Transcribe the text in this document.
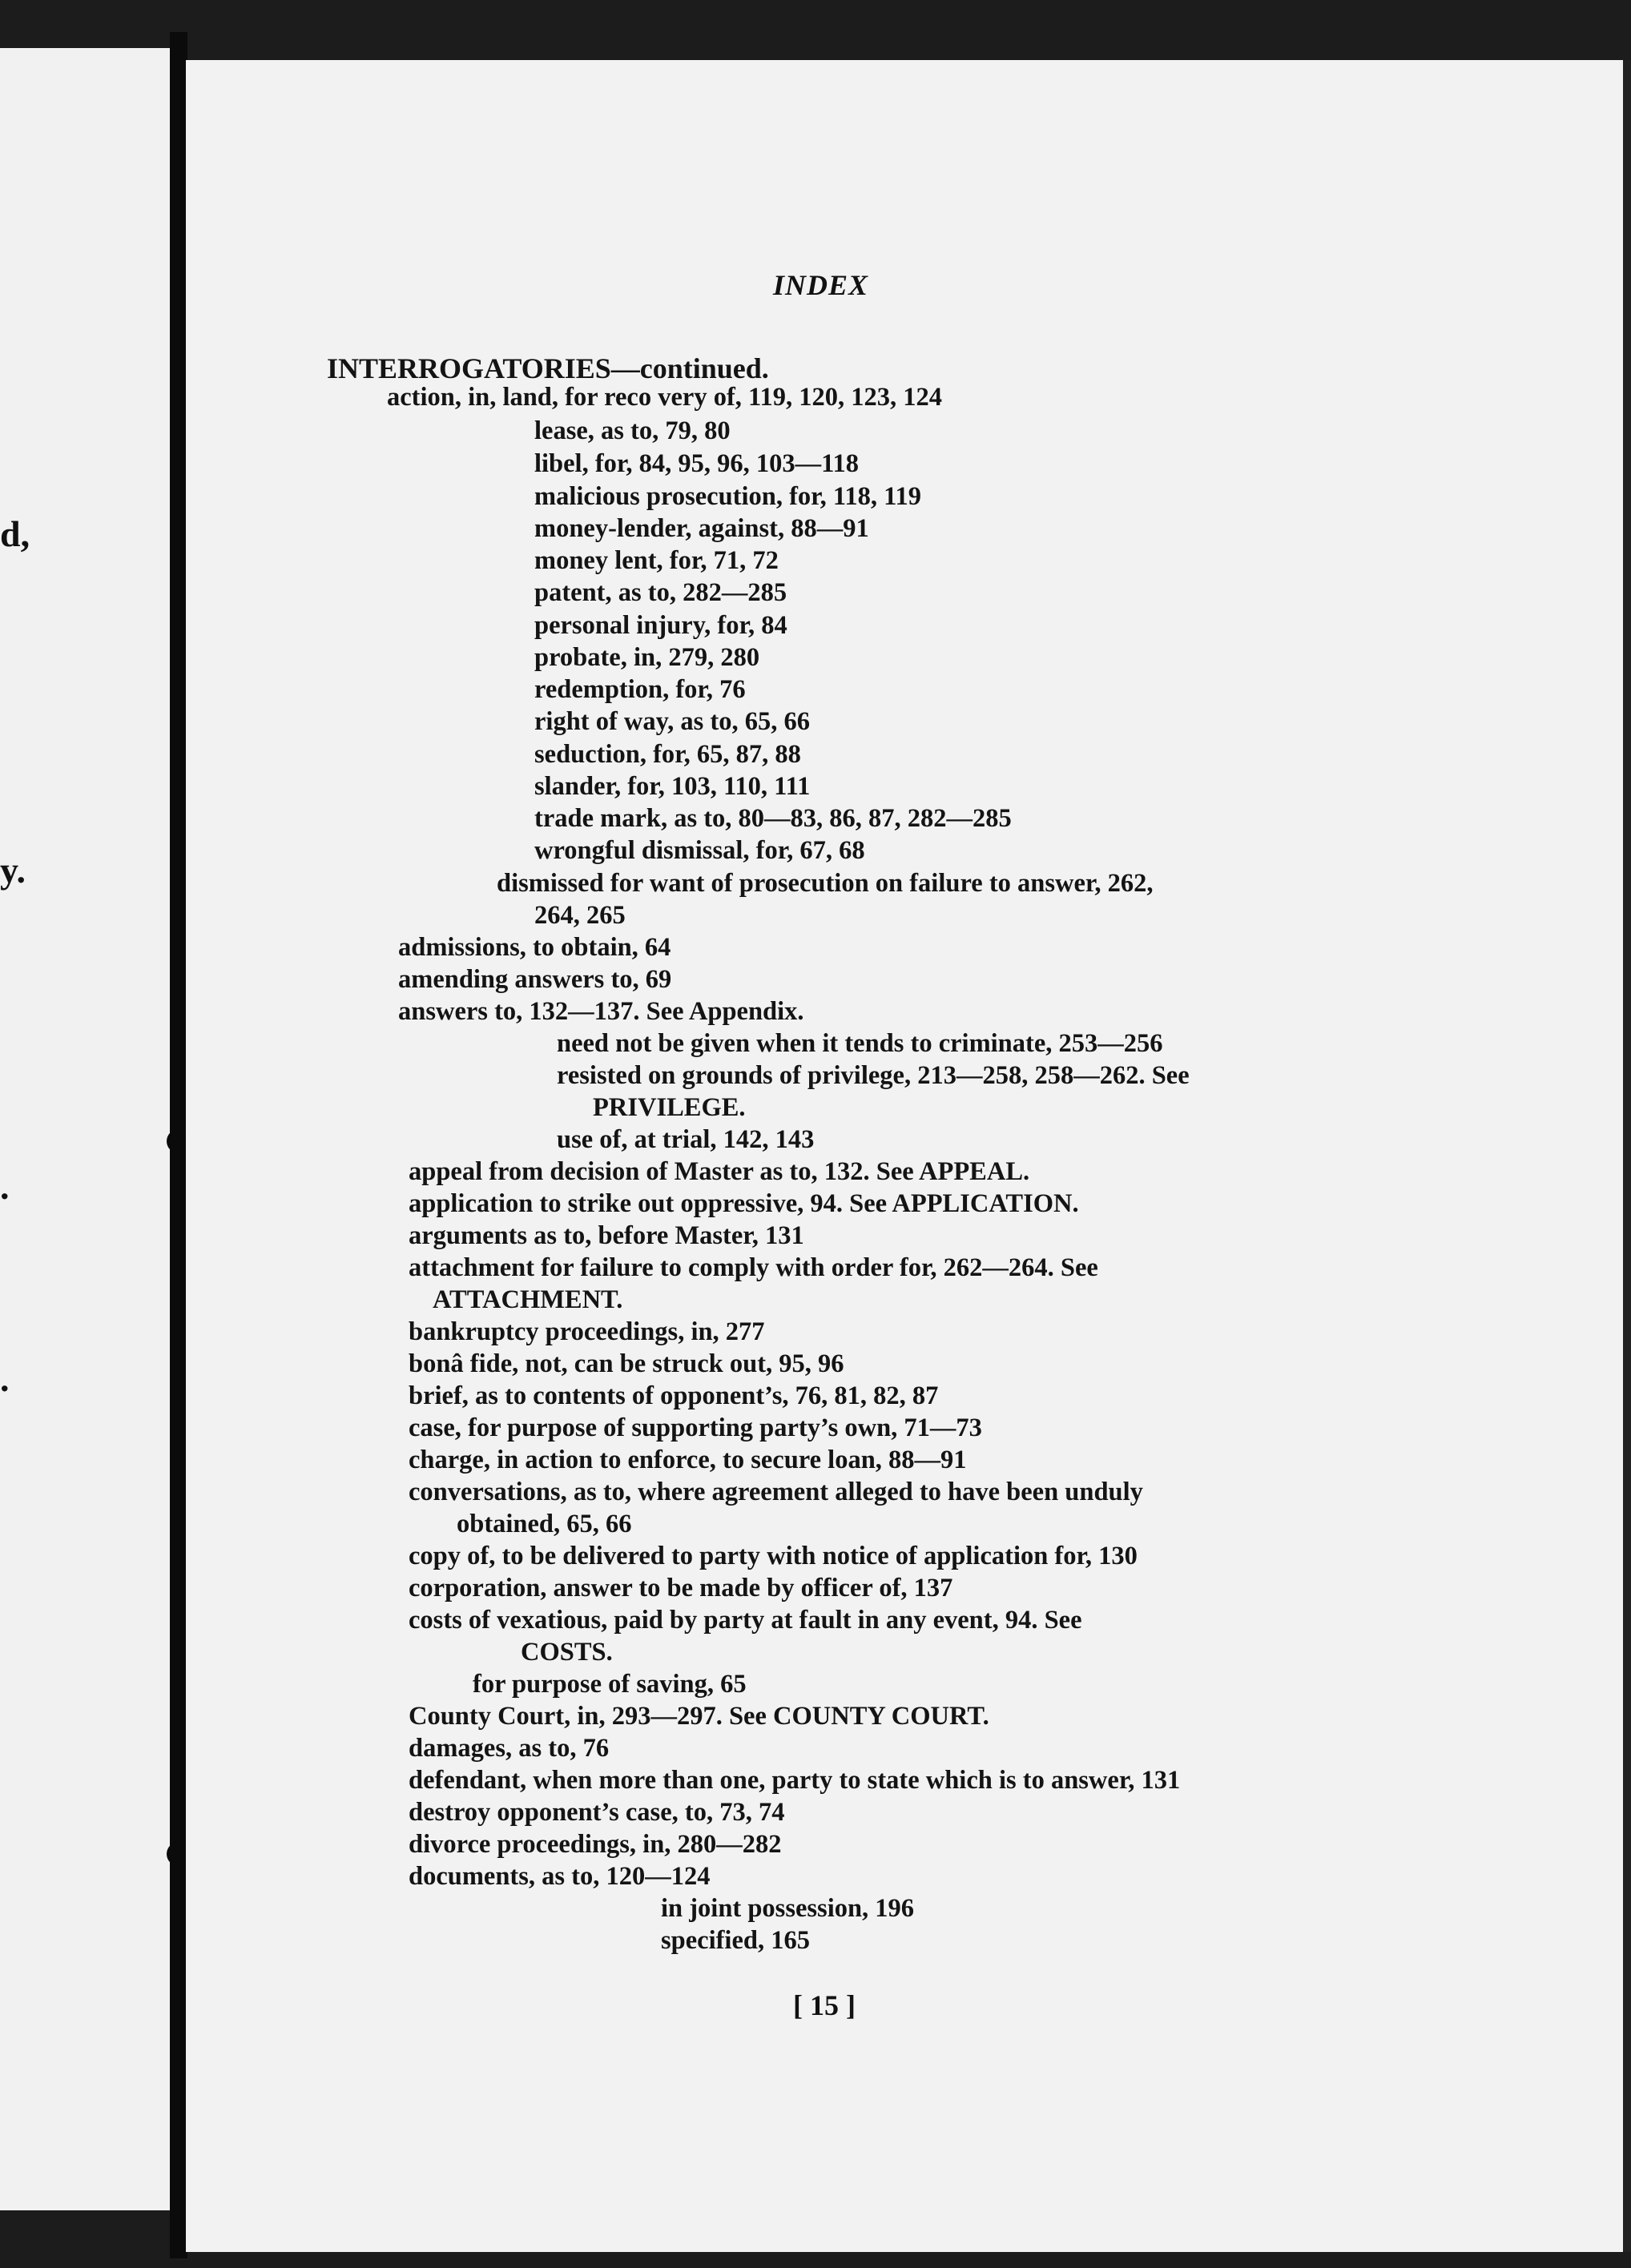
d,
y.
.
.
INDEX
INTERROGATORIES—continued.
action, in, land, for reco​ very of, 119, 120, 123, 124
lease, as to, 79, 80
libel, for, 84, 95, 96, 103—118
malicious prosecution, for, 118, 119
money-lender, against, 88—91
money lent, for, 71, 72
patent, as to, 282—285
personal injury, for, 84
probate, in, 279, 280
redemption, for, 76
right of way, as to, 65, 66
seduction, for, 65, 87, 88
slander, for, 103, 110, 111
trade mark, as to, 80—83, 86, 87, 282—285
wrongful dismissal, for, 67, 68
dismissed for want of prosecution on failure to answer, 262,
264, 265
admissions, to obtain, 64
amending answers to, 69
answers to, 132—137. See Appendix.
need not be given when it tends to criminate, 253—256
resisted on grounds of privilege, 213—258, 258—262. See
PRIVILEGE.
use of, at trial, 142, 143
appeal from decision of Master as to, 132. See APPEAL.
application to strike out oppressive, 94. See APPLICATION.
arguments as to, before Master, 131
attachment for failure to comply with order for, 262—264. See
ATTACHMENT.
bankruptcy proceedings, in, 277
bonâ fide, not, can be struck out, 95, 96
brief, as to contents of opponent’s, 76, 81, 82, 87
case, for purpose of supporting party’s own, 71—73
charge, in action to enforce, to secure loan, 88—91
conversations, as to, where agreement alleged to have been unduly
obtained, 65, 66
copy of, to be delivered to party with notice of application for, 130
corporation, answer to be made by officer of, 137
costs of vexatious, paid by party at fault in any event, 94. See
COSTS.
for purpose of saving, 65
County Court, in, 293—297. See COUNTY COURT.
damages, as to, 76
defendant, when more than one, party to state which is to answer, 131
destroy opponent’s case, to, 73, 74
divorce proceedings, in, 280—282
documents, as to, 120—124
in joint possession, 196
specified, 165
[ 15 ]
